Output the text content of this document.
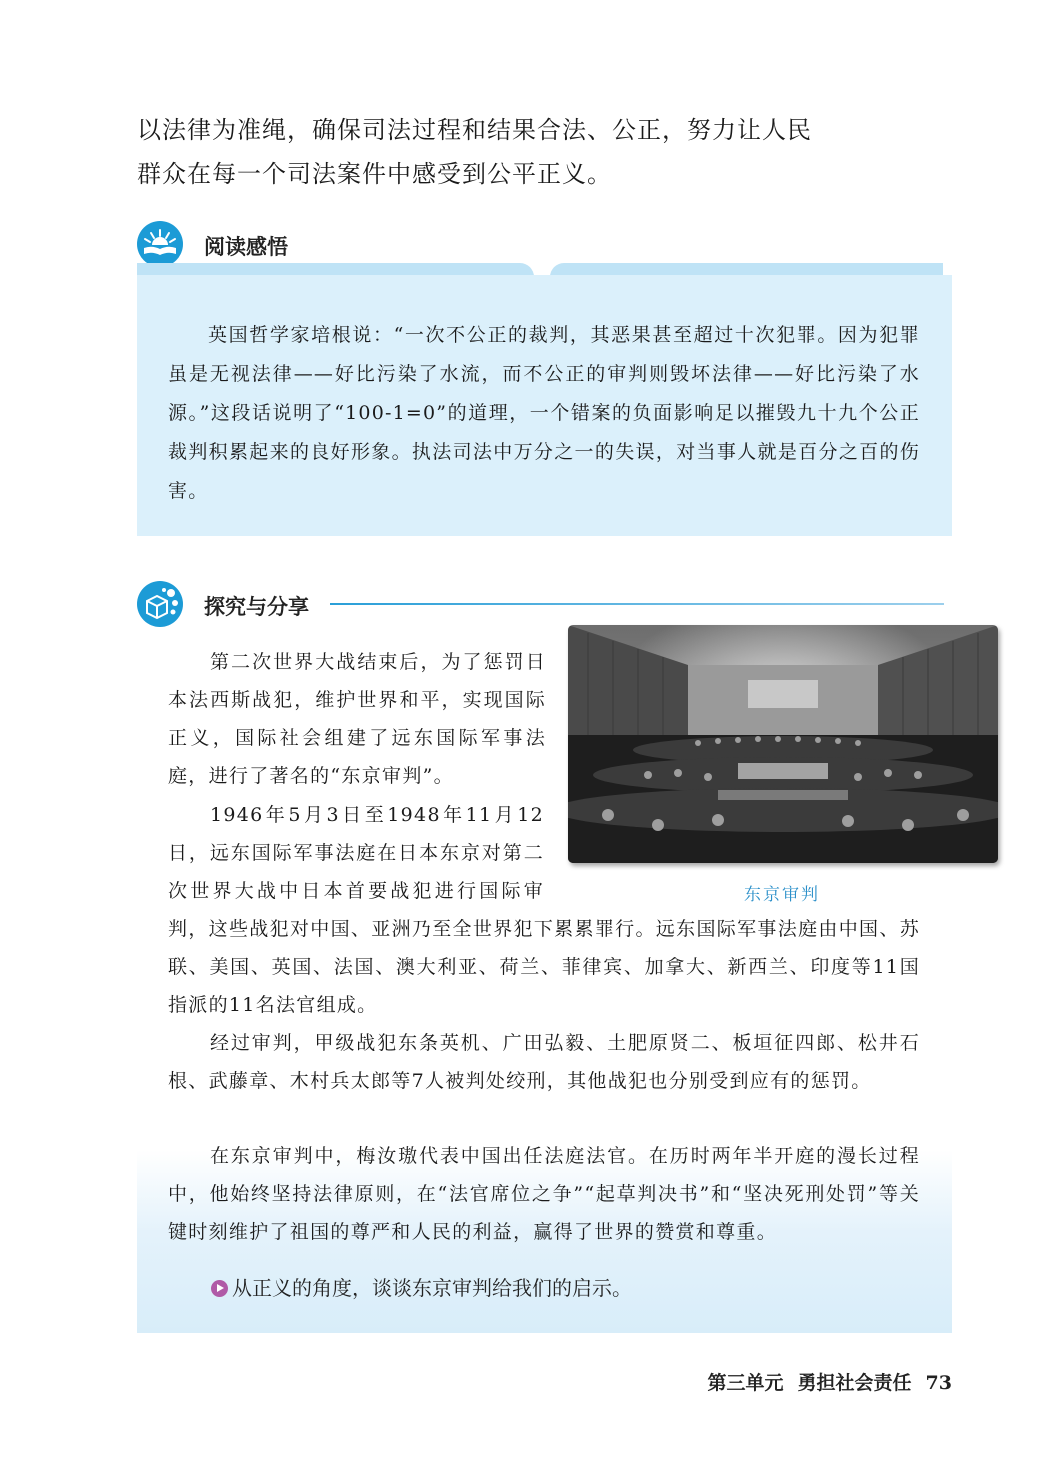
以法律为准绳，确保司法过程和结果合法、公正，努力让人民群众在每一个司法案件中感受到公平正义。

阅读感悟

英国哲学家培根说：“一次不公正的裁判，其恶果甚至超过十次犯罪。因为犯罪虽是无视法律——好比污染了水流，而不公正的审判则毁坏法律——好比污染了水源。”这段话说明了“100-1=0”的道理，一个错案的负面影响足以摧毁九十九个公正裁判积累起来的良好形象。执法司法中万分之一的失误，对当事人就是百分之百的伤害。

探究与分享
东京审判

第二次世界大战结束后，为了惩罚日本法西斯战犯，维护世界和平，实现国际正义，国际社会组建了远东国际军事法庭，进行了著名的“东京审判”。

1946年5月3日至1948年11月12日，远东国际军事法庭在日本东京对第二次世界大战中日本首要战犯进行国际审判，这些战犯对中国、亚洲乃至全世界犯下累累罪行。远东国际军事法庭由中国、苏联、美国、英国、法国、澳大利亚、荷兰、菲律宾、加拿大、新西兰、印度等11国指派的11名法官组成。

经过审判，甲级战犯东条英机、广田弘毅、土肥原贤二、板垣征四郎、松井石根、武藤章、木村兵太郎等7人被判处绞刑，其他战犯也分别受到应有的惩罚。

在东京审判中，梅汝璈代表中国出任法庭法官。在历时两年半开庭的漫长过程中，他始终坚持法律原则，在“法官席位之争”“起草判决书”和“坚决死刑处罚”等关键时刻维护了祖国的尊严和人民的利益，赢得了世界的赞赏和尊重。

从正义的角度，谈谈东京审判给我们的启示。
第三单元 勇担社会责任 73
